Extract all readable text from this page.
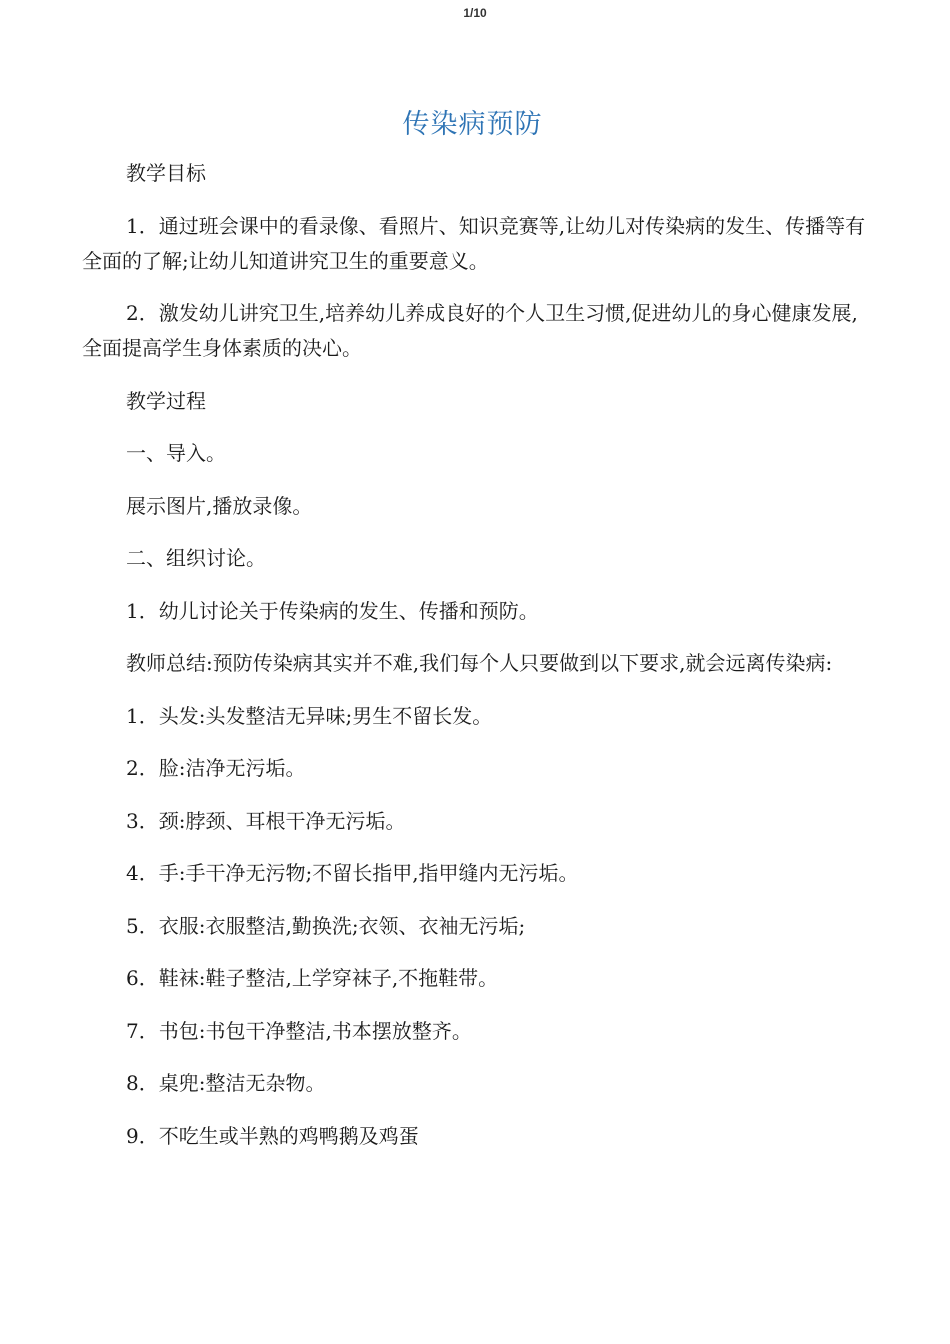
1/10
传染病预防

教学目标

1．通过班会课中的看录像、看照片、知识竞赛等,让幼儿对传染病的发生、传播等有全面的了解;让幼儿知道讲究卫生的重要意义。

2．激发幼儿讲究卫生,培养幼儿养成良好的个人卫生习惯,促进幼儿的身心健康发展,全面提高学生身体素质的决心。

教学过程

一、导入。

展示图片,播放录像。

二、组织讨论。

1．幼儿讨论关于传染病的发生、传播和预防。

教师总结:预防传染病其实并不难,我们每个人只要做到以下要求,就会远离传染病:

1．头发:头发整洁无异味;男生不留长发。

2．脸:洁净无污垢。

3．颈:脖颈、耳根干净无污垢。

4．手:手干净无污物;不留长指甲,指甲缝内无污垢。

5．衣服:衣服整洁,勤换洗;衣领、衣袖无污垢;

6．鞋袜:鞋子整洁,上学穿袜子,不拖鞋带。

7．书包:书包干净整洁,书本摆放整齐。

8．桌兜:整洁无杂物。

9．不吃生或半熟的鸡鸭鹅及鸡蛋
